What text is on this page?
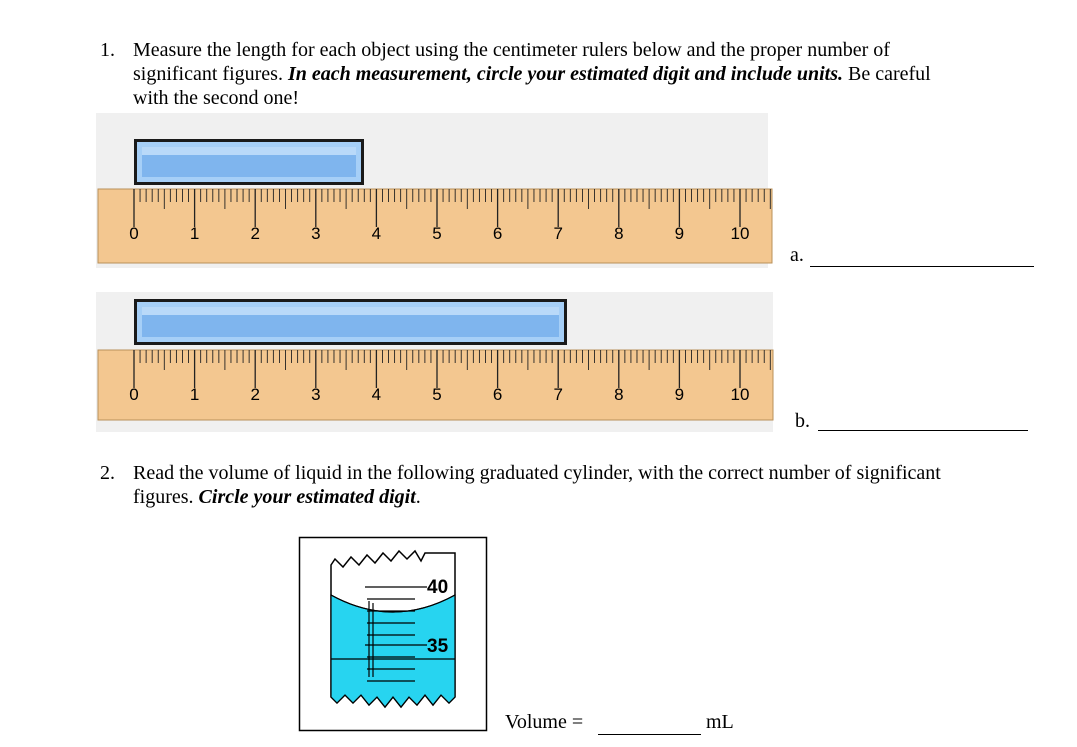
1. Measure the length for each object using the centimeter rulers below and the proper number of
significant figures. In each measurement, circle your estimated digit and include units. Be careful
with the second one!
0	1	2	3	4	5	6	7	8	9	10
a.
0	1	2	3	4	5	6	7	8	9	10
b.
2. Read the volume of liquid in the following graduated cylinder, with the correct number of significant
figures. Circle your estimated digit.
40
35
Volume =	mL
